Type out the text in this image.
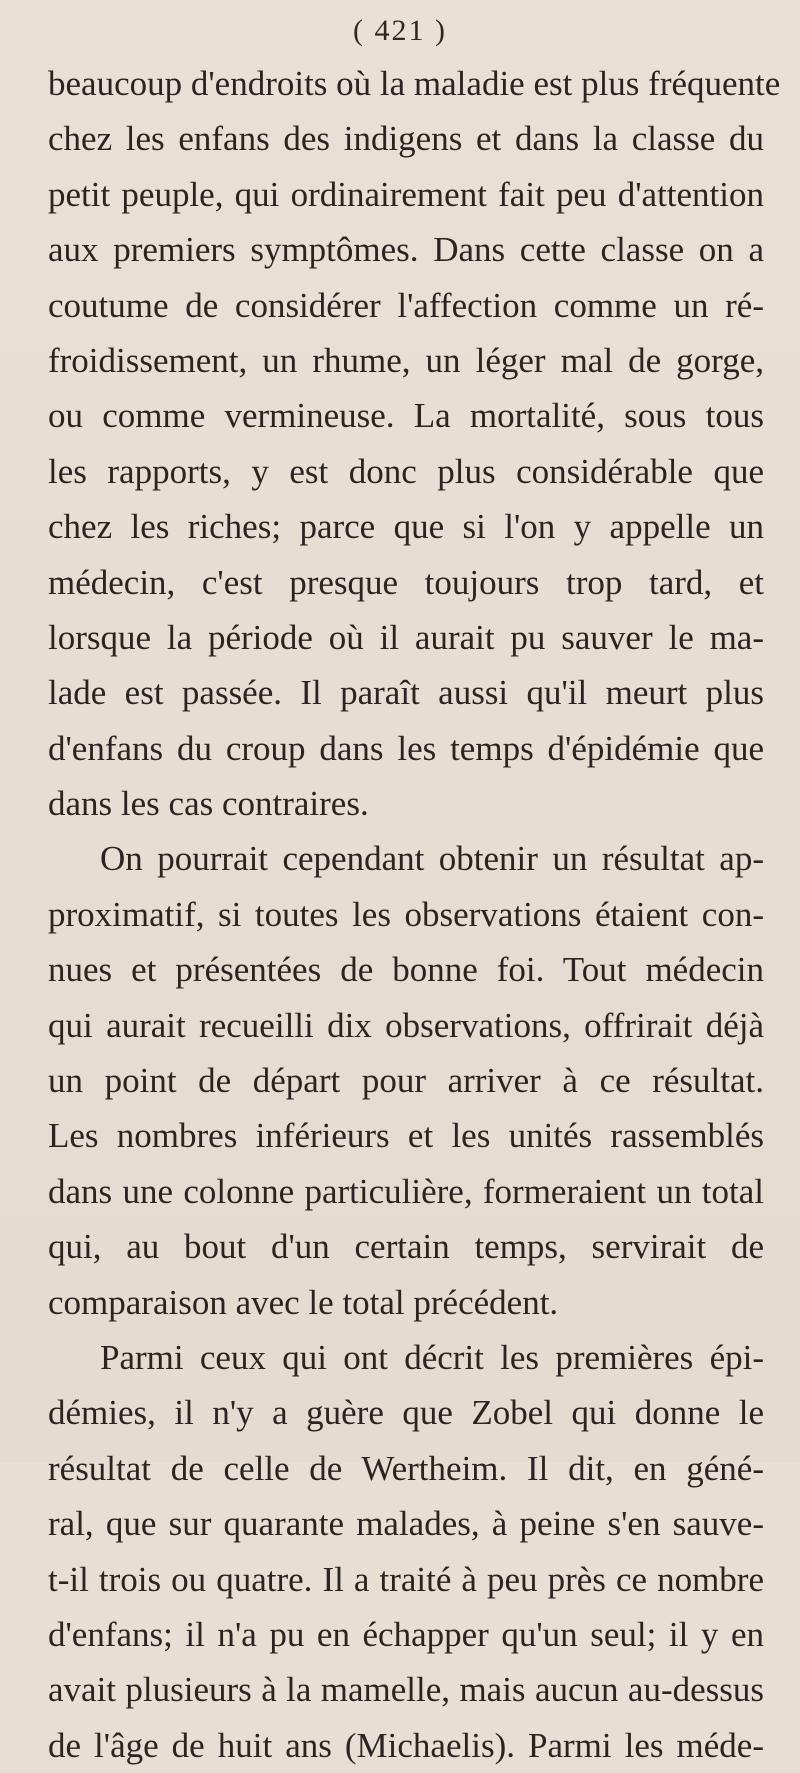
( 421 )
beaucoup d'endroits où la maladie est plus fréquente
chez les enfans des indigens et dans la classe du
petit peuple, qui ordinairement fait peu d'attention
aux premiers symptômes. Dans cette classe on a
coutume de considérer l'affection comme un ré-
froidissement, un rhume, un léger mal de gorge,
ou comme vermineuse. La mortalité, sous tous
les rapports, y est donc plus considérable que
chez les riches; parce que si l'on y appelle un
médecin, c'est presque toujours trop tard, et
lorsque la période où il aurait pu sauver le ma-
lade est passée. Il paraît aussi qu'il meurt plus
d'enfans du croup dans les temps d'épidémie que
dans les cas contraires.
On pourrait cependant obtenir un résultat ap-
proximatif, si toutes les observations étaient con-
nues et présentées de bonne foi. Tout médecin
qui aurait recueilli dix observations, offrirait déjà
un point de départ pour arriver à ce résultat.
Les nombres inférieurs et les unités rassemblés
dans une colonne particulière, formeraient un total
qui, au bout d'un certain temps, servirait de
comparaison avec le total précédent.
Parmi ceux qui ont décrit les premières épi-
démies, il n'y a guère que Zobel qui donne le
résultat de celle de Wertheim. Il dit, en géné-
ral, que sur quarante malades, à peine s'en sauve-
t-il trois ou quatre. Il a traité à peu près ce nombre
d'enfans; il n'a pu en échapper qu'un seul; il y en
avait plusieurs à la mamelle, mais aucun au-dessus
de l'âge de huit ans (Michaelis). Parmi les méde-
